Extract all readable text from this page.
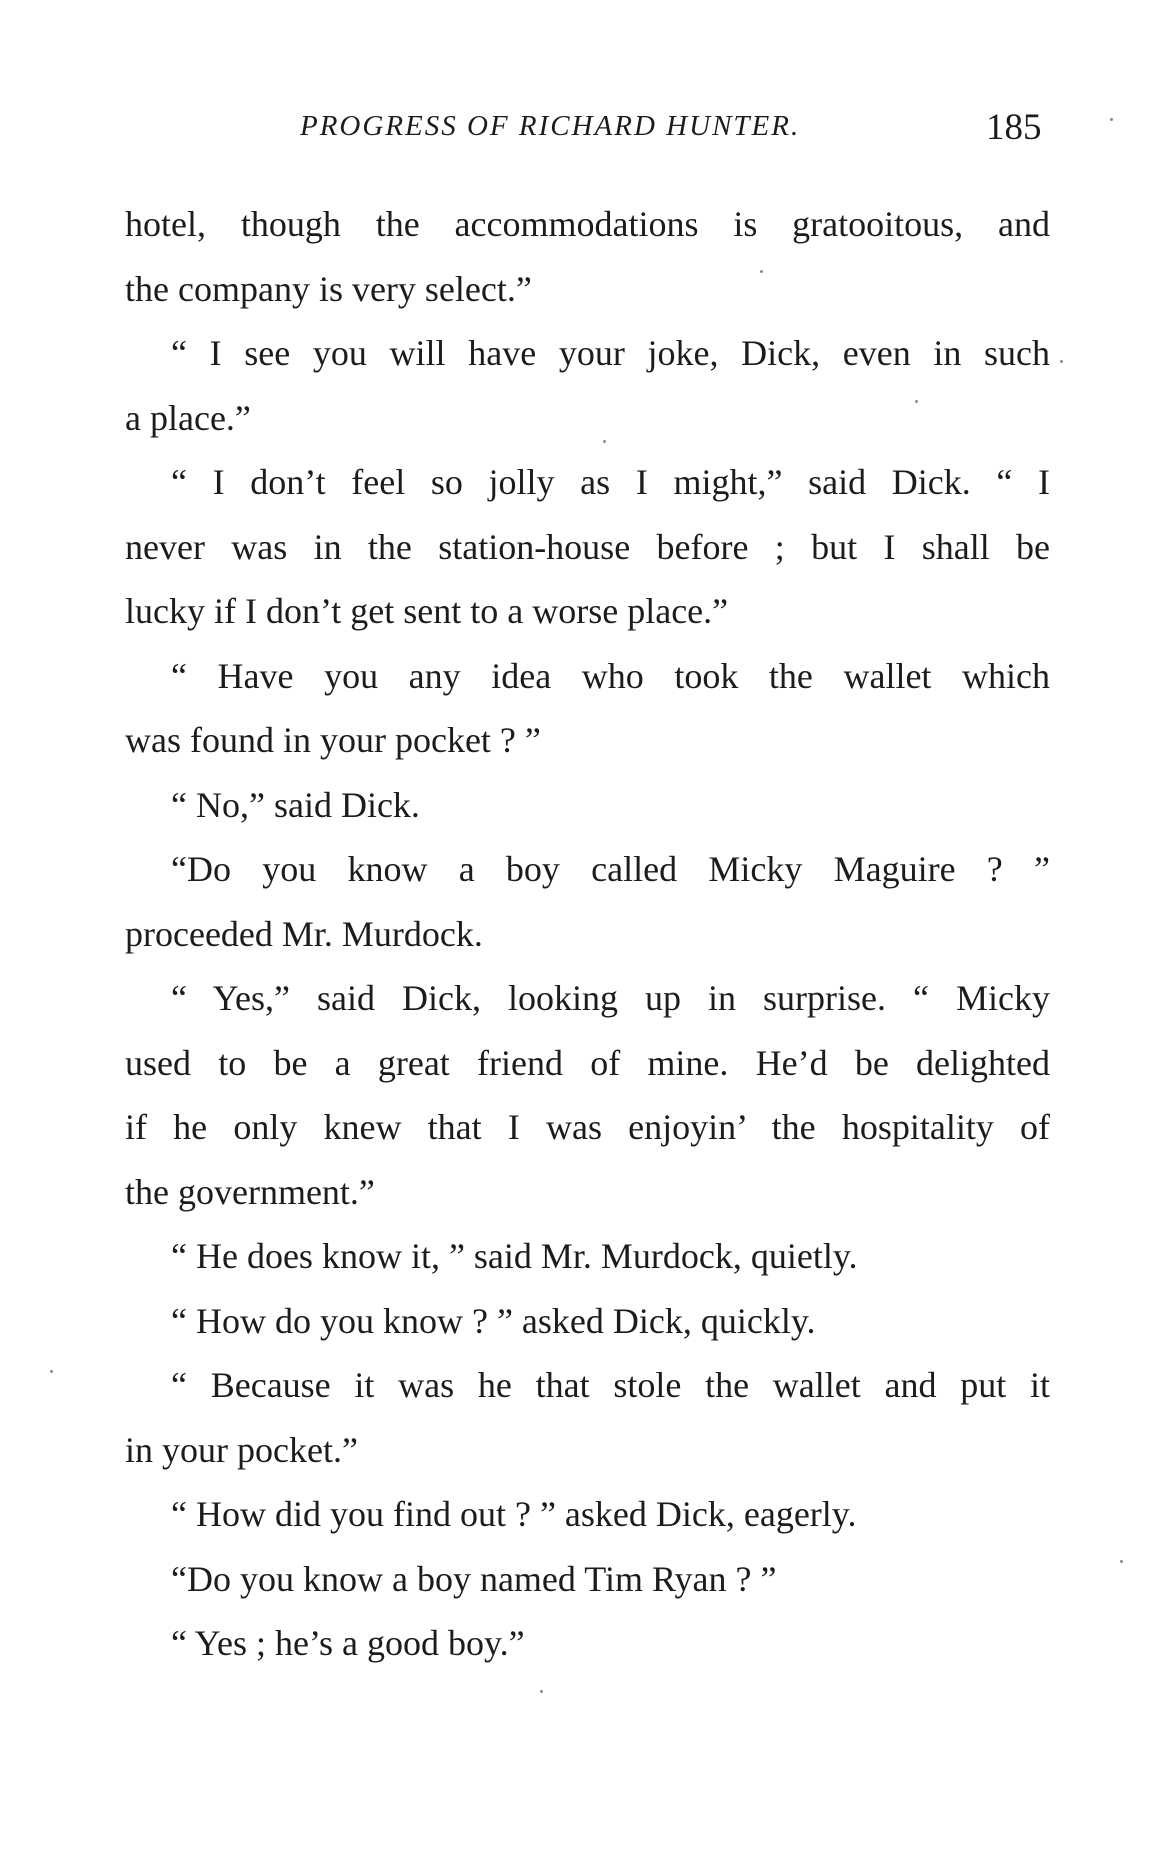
PROGRESS OF RICHARD HUNTER.	185
hotel, though the accommodations is gratooitous, and
the company is very select.”
“ I see you will have your joke, Dick, even in such
a place.”
“ I don’t feel so jolly as I might,” said Dick. “ I
never was in the station-house before ; but I shall be
lucky if I don’t get sent to a worse place.”
“ Have you any idea who took the wallet which
was found in your pocket ? ”
“ No,” said Dick.
“Do you know a boy called Micky Maguire ? ”
proceeded Mr. Murdock.
“ Yes,” said Dick, looking up in surprise. “ Micky
used to be a great friend of mine. He’d be delighted
if he only knew that I was enjoyin’ the hospitality of
the government.”
“ He does know it, ” said Mr. Murdock, quietly.
“ How do you know ? ” asked Dick, quickly.
“ Because it was he that stole the wallet and put it
in your pocket.”
“ How did you find out ? ” asked Dick, eagerly.
“Do you know a boy named Tim Ryan ? ”
“ Yes ; he’s a good boy.”
